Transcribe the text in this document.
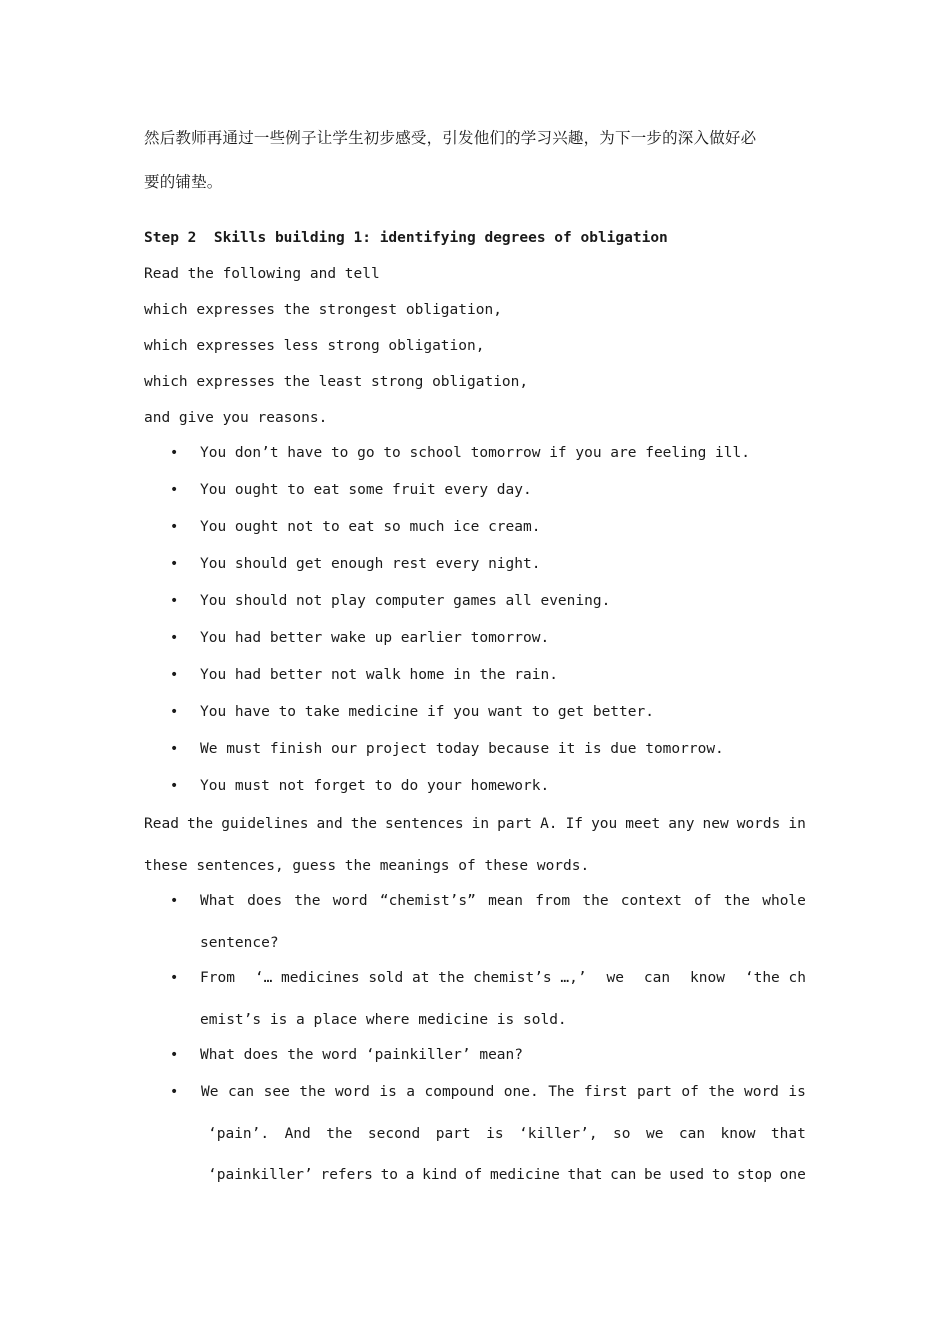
然后教师再通过一些例子让学生初步感受，引发他们的学习兴趣，为下一步的深入做好必
要的铺垫。
Step 2  Skills building 1: identifying degrees of obligation
Read the following and tell
which expresses the strongest obligation,
which expresses less strong obligation,
which expresses the least strong obligation,
and give you reasons.
• You don’t have to go to school tomorrow if you are feeling ill.
• You ought to eat some fruit every day.
• You ought not to eat so much ice cream.
• You should get enough rest every night.
• You should not play computer games all evening.
• You had better wake up earlier tomorrow.
• You had better not walk home in the rain.
• You have to take medicine if you want to get better.
• We must finish our project today because it is due tomorrow.
• You must not forget to do your homework.
Read the guidelines and the sentences in part A. If you meet any new words in
these sentences, guess the meanings of these words.
• What does the word “chemist’s” mean from the context of the whole
sentence?
• From ‘… medicines sold at the chemist’s …,’ we can know ‘the ch
emist’s is a place where medicine is sold.
• What does the word ‘painkiller’ mean?
• We can see the word is a compound one. The first part of the word is
‘pain’. And the second part is ‘killer’, so we can know that
‘painkiller’ refers to a kind of medicine that can be used to stop one
